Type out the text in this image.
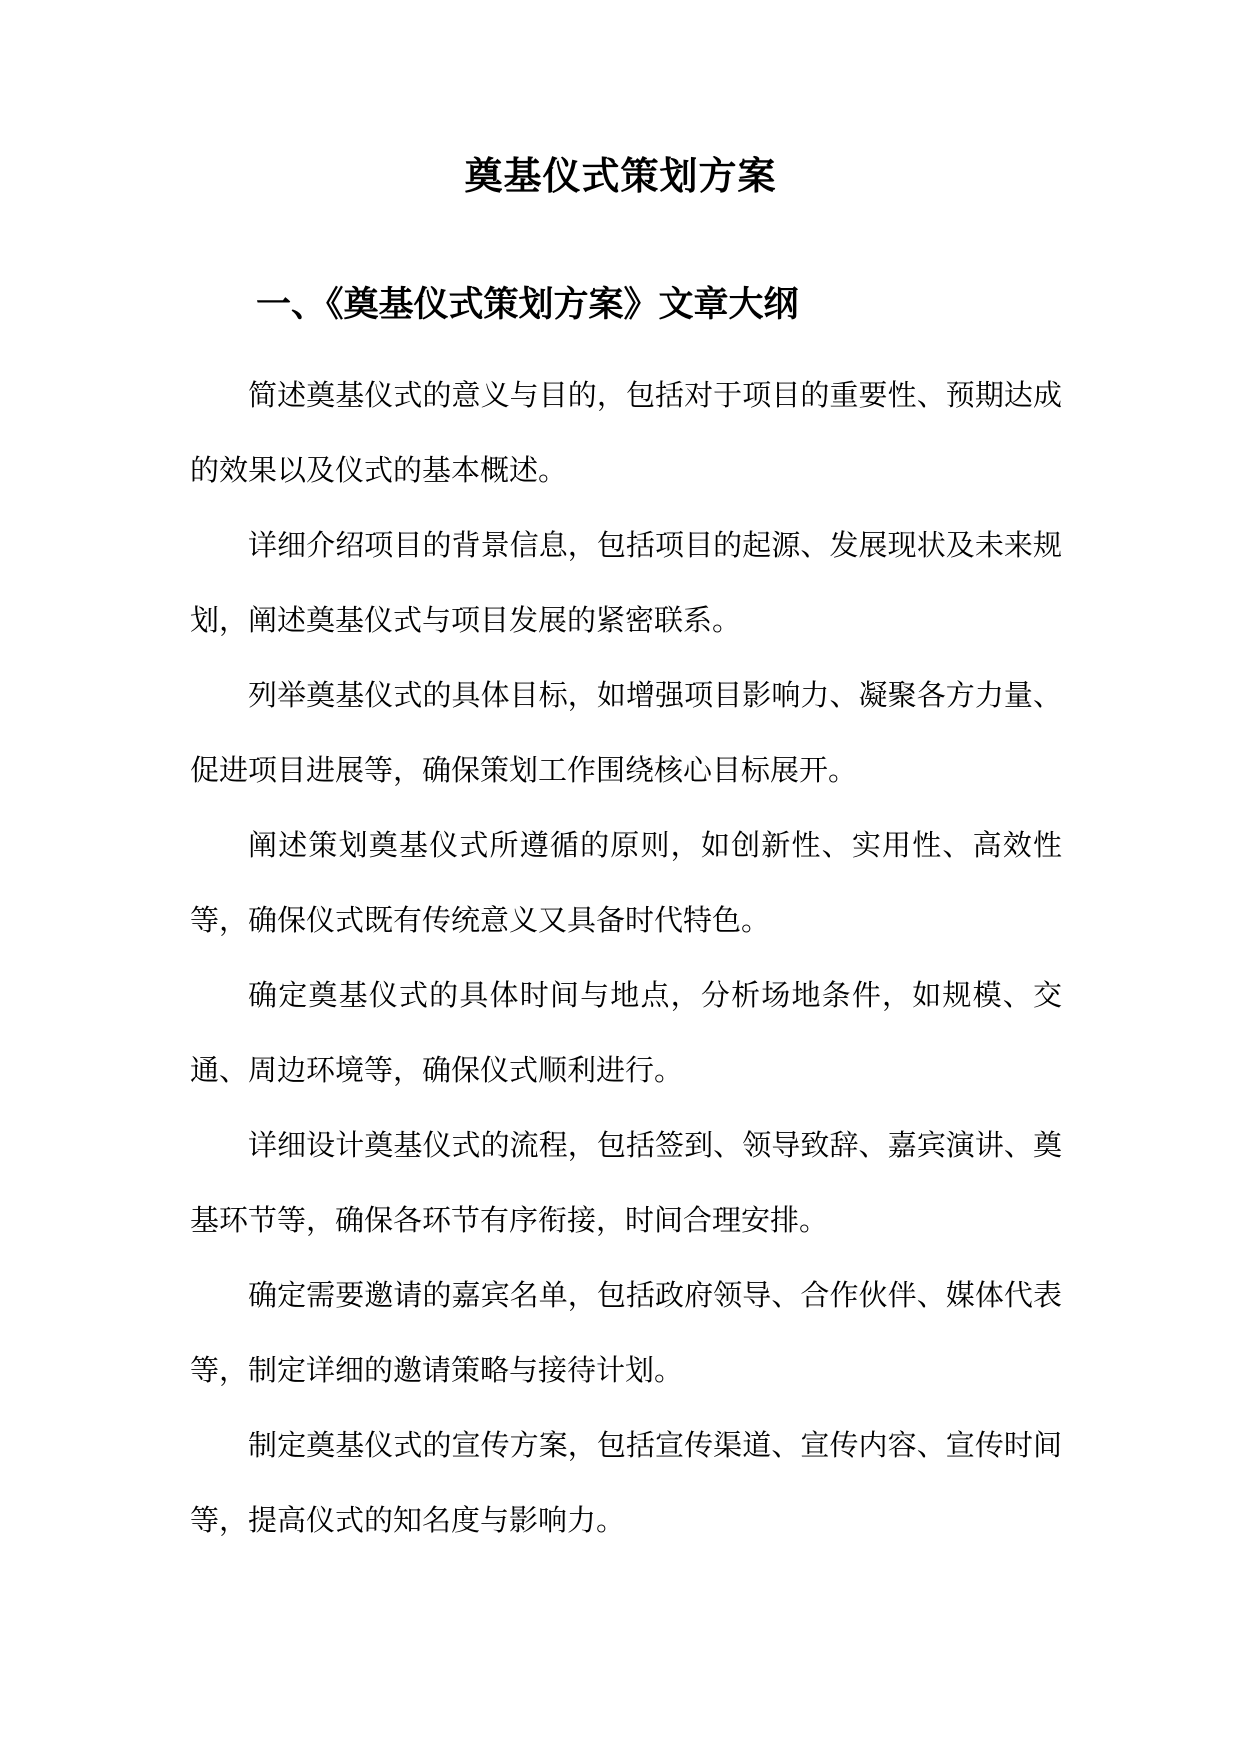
奠基仪式策划方案
一、《奠基仪式策划方案》文章大纲

简述奠基仪式的意义与目的，包括对于项目的重要性、预期达成的效果以及仪式的基本概述。

详细介绍项目的背景信息，包括项目的起源、发展现状及未来规划，阐述奠基仪式与项目发展的紧密联系。

列举奠基仪式的具体目标，如增强项目影响力、凝聚各方力量、促进项目进展等，确保策划工作围绕核心目标展开。

阐述策划奠基仪式所遵循的原则，如创新性、实用性、高效性等，确保仪式既有传统意义又具备时代特色。

确定奠基仪式的具体时间与地点，分析场地条件，如规模、交通、周边环境等，确保仪式顺利进行。

详细设计奠基仪式的流程，包括签到、领导致辞、嘉宾演讲、奠基环节等，确保各环节有序衔接，时间合理安排。

确定需要邀请的嘉宾名单，包括政府领导、合作伙伴、媒体代表等，制定详细的邀请策略与接待计划。

制定奠基仪式的宣传方案，包括宣传渠道、宣传内容、宣传时间等，提高仪式的知名度与影响力。
